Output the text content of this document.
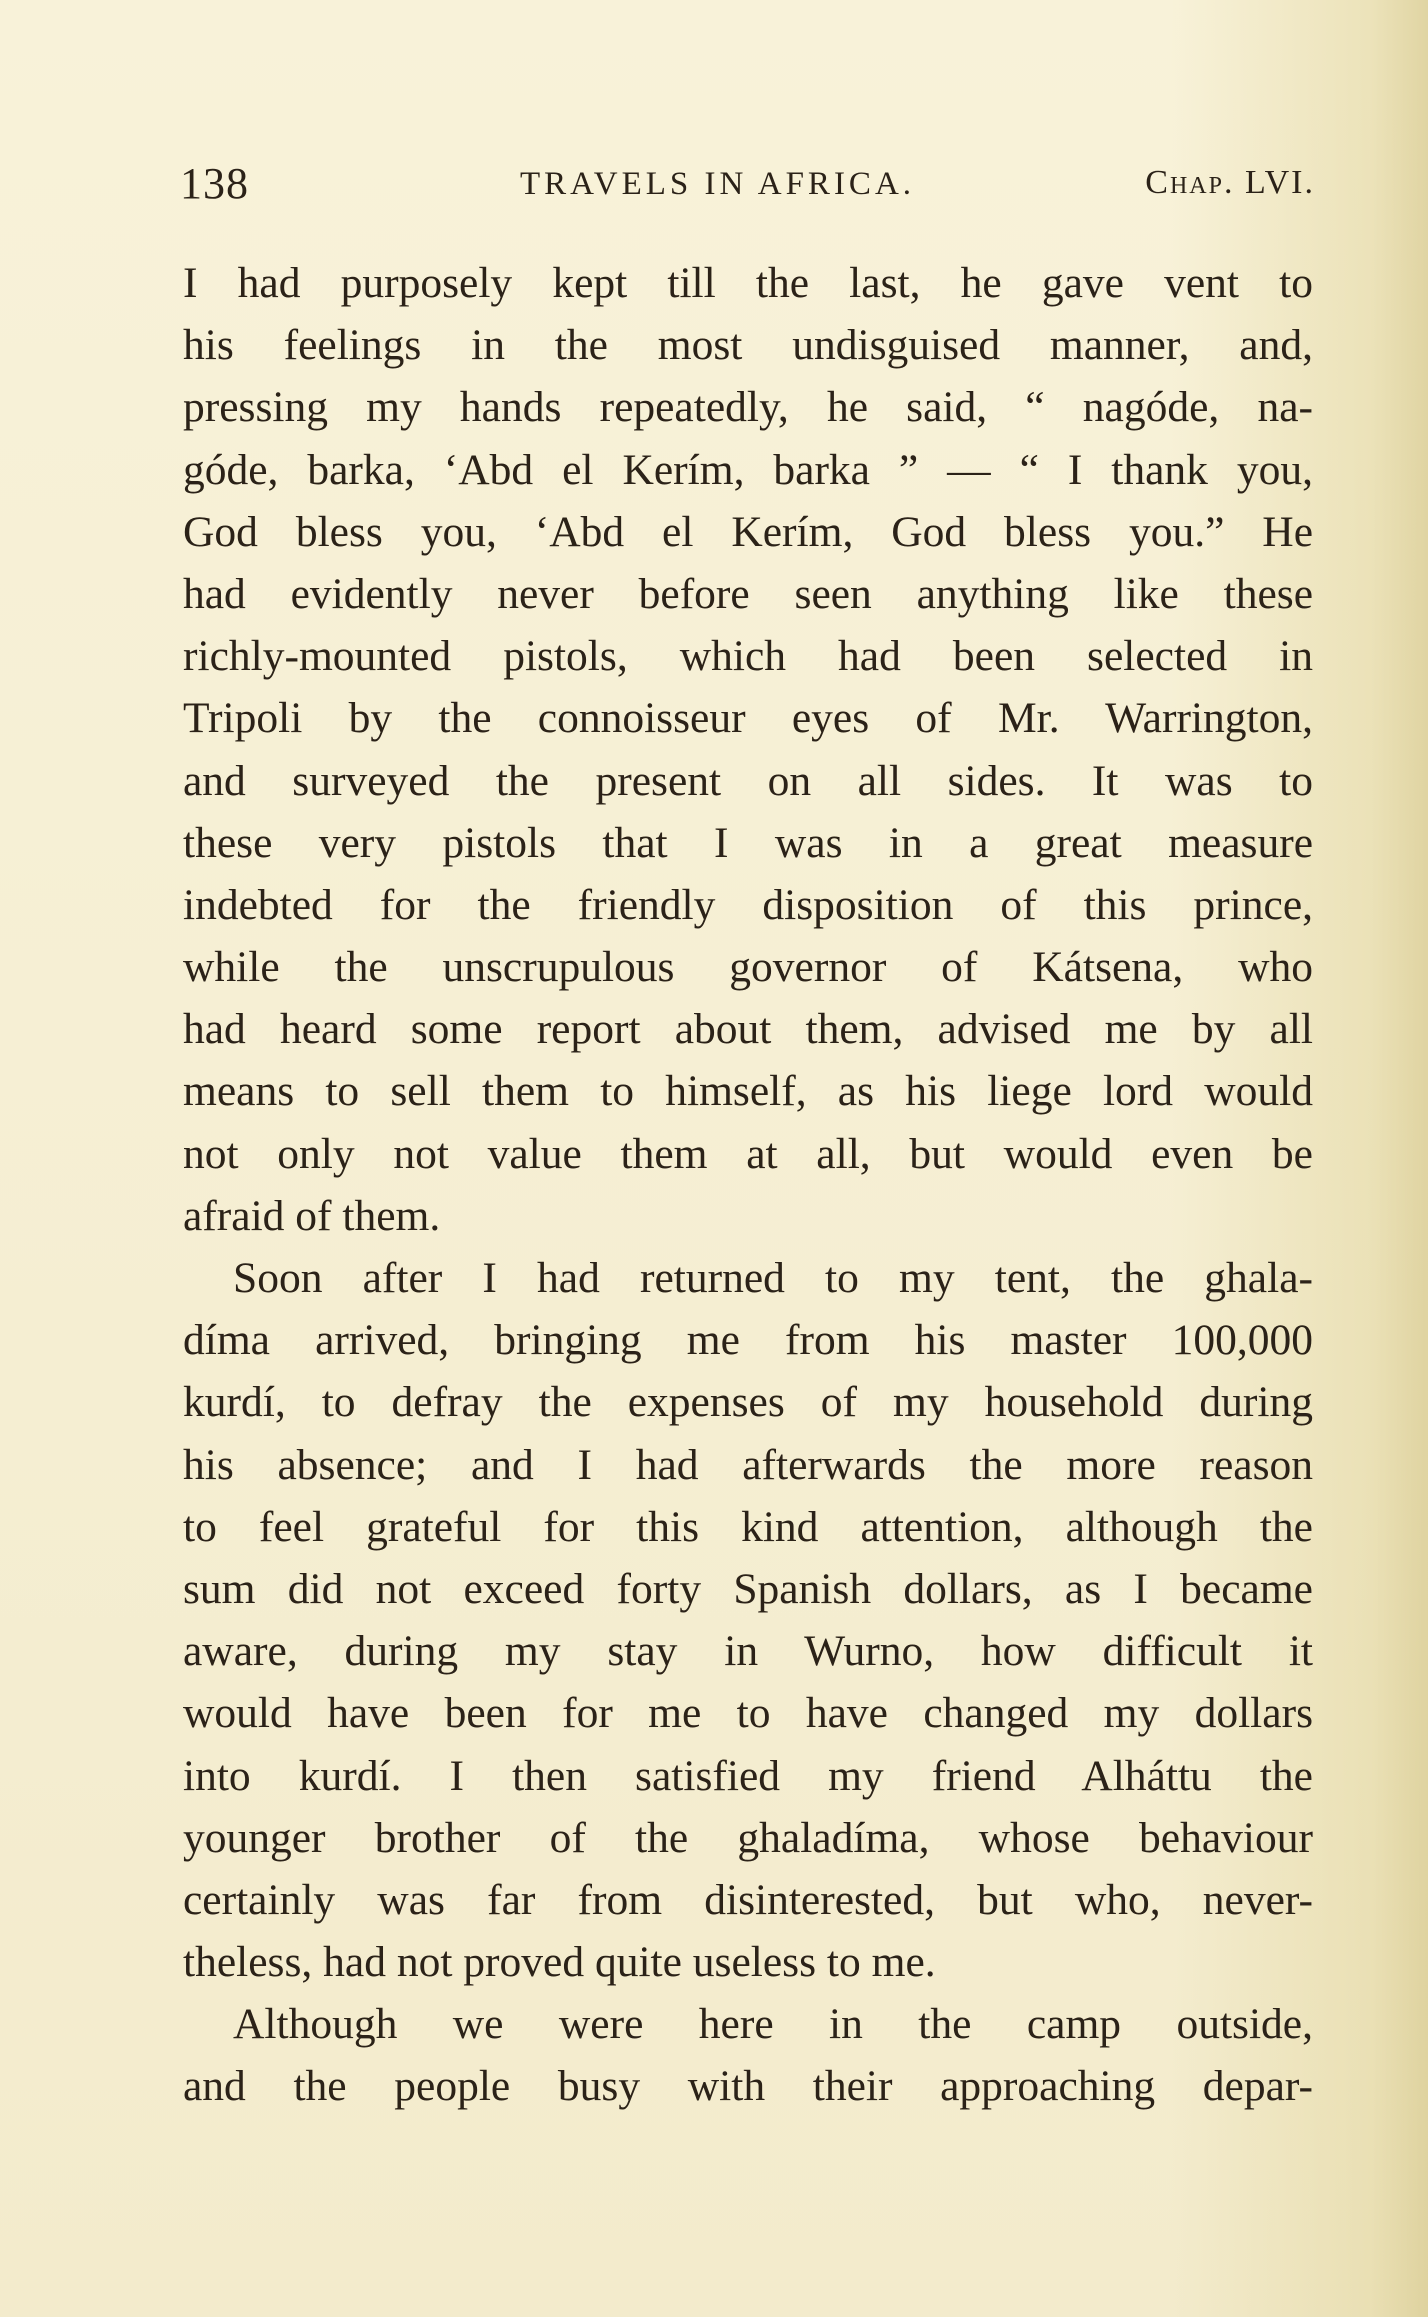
138	TRAVELS IN AFRICA.	Chap. LVI.
I had purposely kept till the last, he gave vent to
his feelings in the most undisguised manner, and,
pressing my hands repeatedly, he said, “ nagóde, na-
góde, barka, ʻAbd el Kerím, barka ” — “ I thank you,
God bless you, ʻAbd el Kerím, God bless you.” He
had evidently never before seen anything like these
richly-mounted pistols, which had been selected in
Tripoli by the connoisseur eyes of Mr. Warrington,
and surveyed the present on all sides. It was to
these very pistols that I was in a great measure
indebted for the friendly disposition of this prince,
while the unscrupulous governor of Kátsena, who
had heard some report about them, advised me by all
means to sell them to himself, as his liege lord would
not only not value them at all, but would even be
afraid of them.
Soon after I had returned to my tent, the ghala-
díma arrived, bringing me from his master 100,000
kurdí, to defray the expenses of my household during
his absence; and I had afterwards the more reason
to feel grateful for this kind attention, although the
sum did not exceed forty Spanish dollars, as I became
aware, during my stay in Wurno, how difficult it
would have been for me to have changed my dollars
into kurdí. I then satisfied my friend Alháttu the
younger brother of the ghaladíma, whose behaviour
certainly was far from disinterested, but who, never-
theless, had not proved quite useless to me.
Although we were here in the camp outside,
and the people busy with their approaching depar-
